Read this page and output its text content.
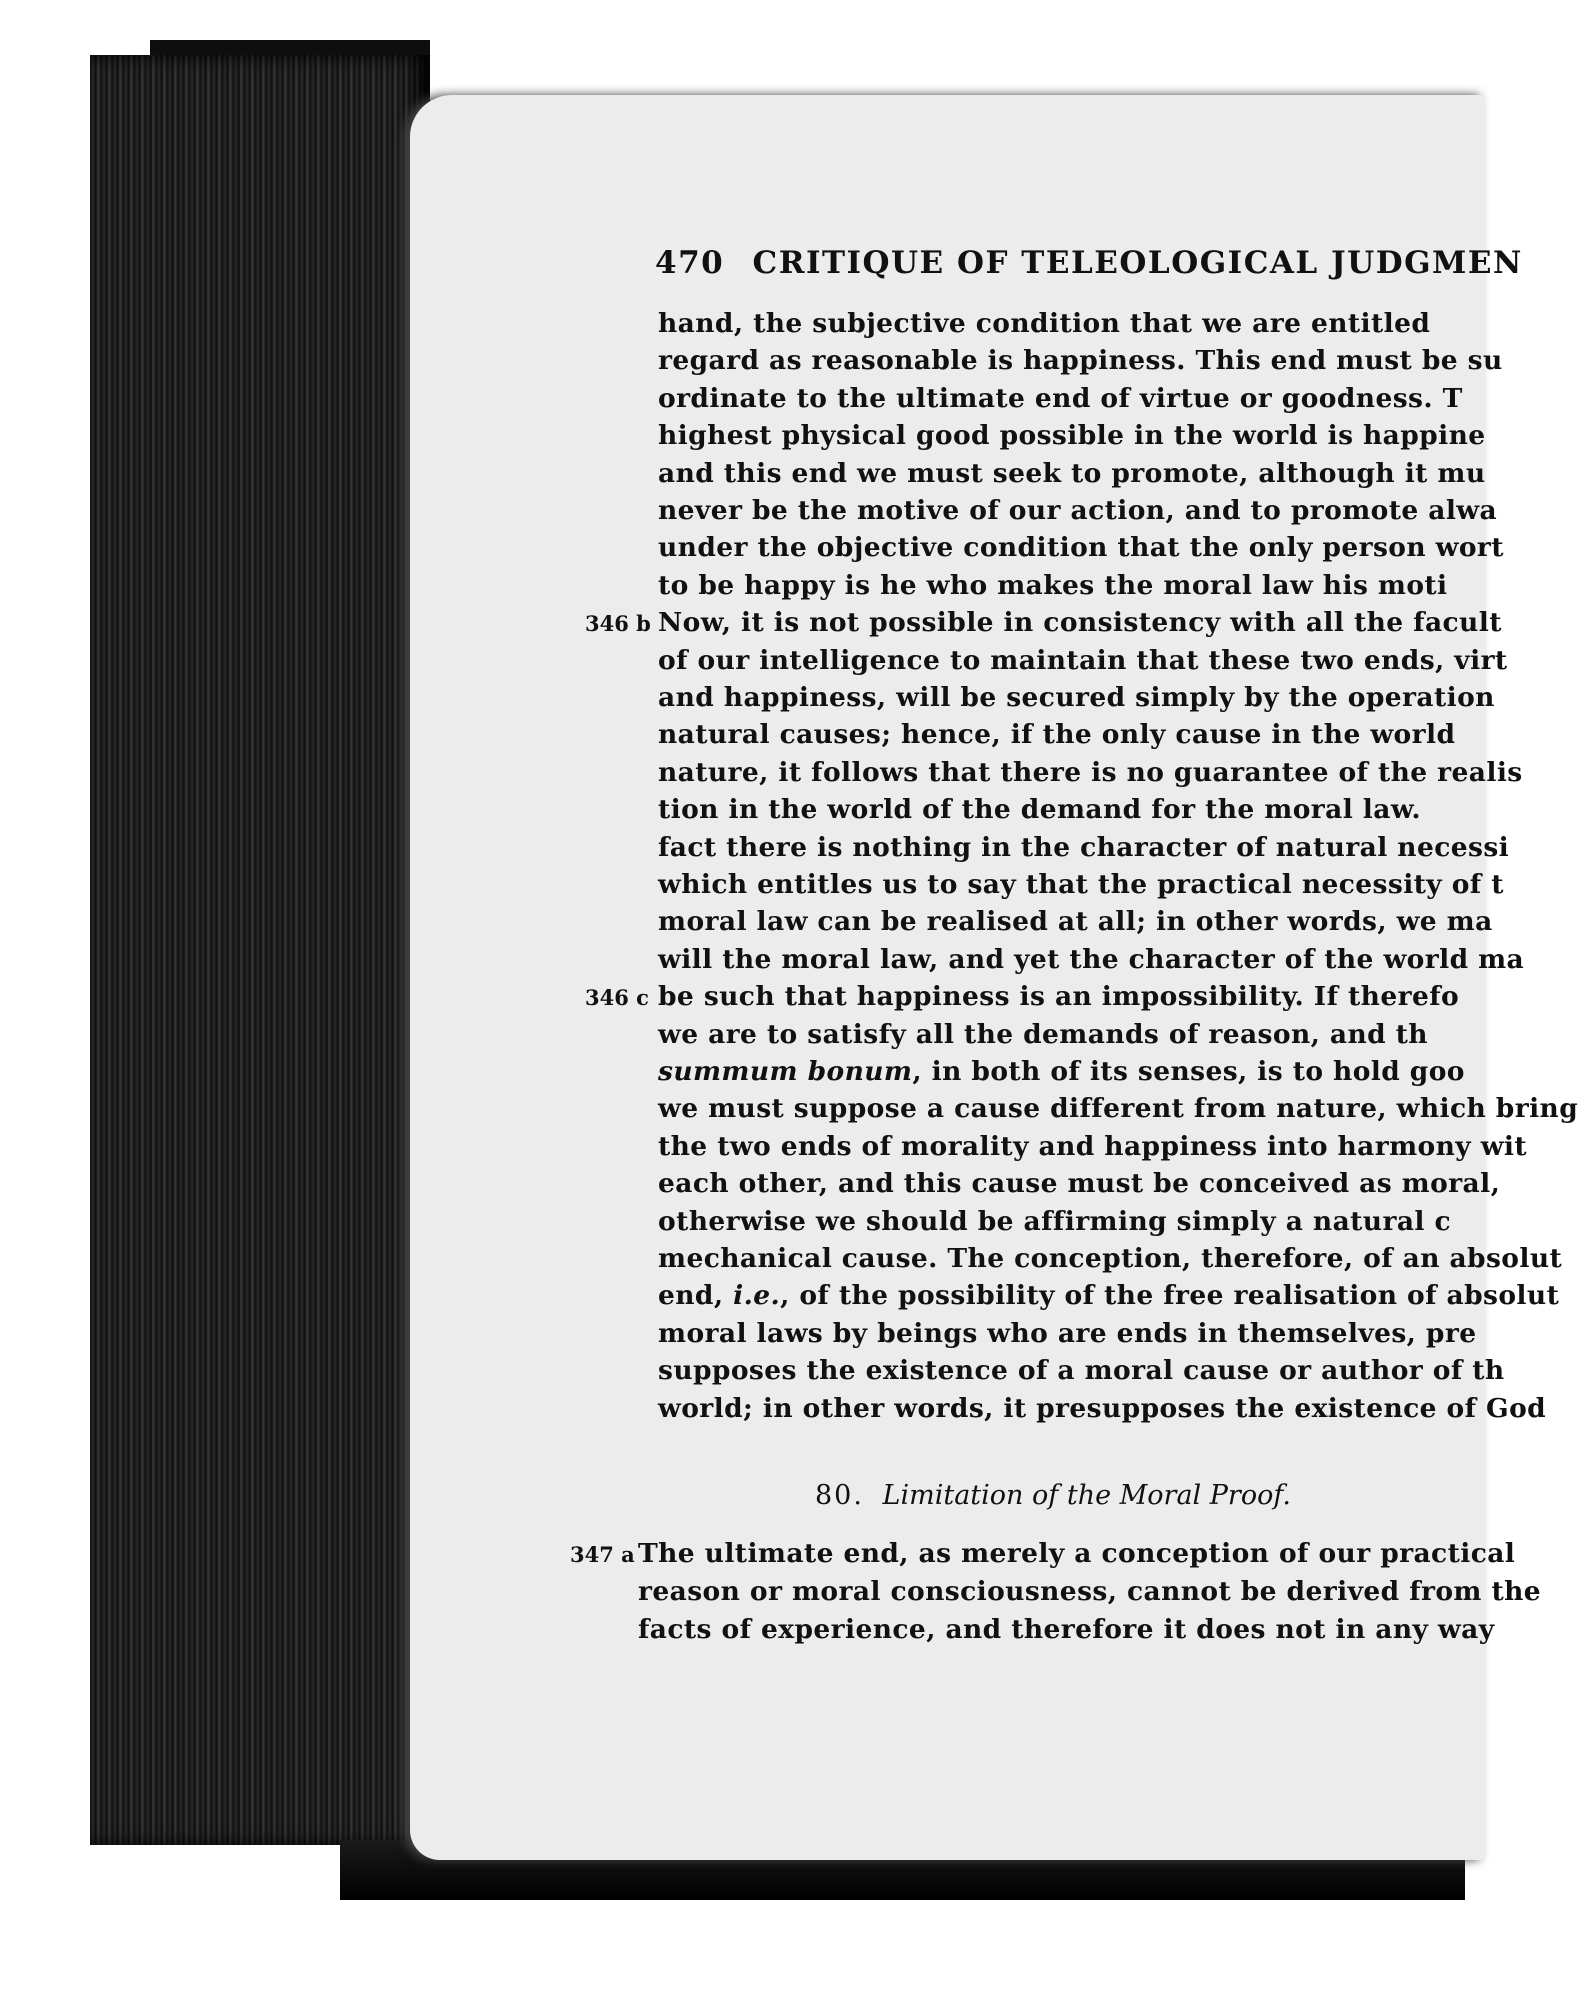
470 CRITIQUE OF TELEOLOGICAL JUDGMEN
hand, the subjective condition that we are entitled
regard as reasonable is happiness. This end must be su
ordinate to the ultimate end of virtue or goodness. T
highest physical good possible in the world is happine
and this end we must seek to promote, although it mu
never be the motive of our action, and to promote alwa
under the objective condition that the only person wort
to be happy is he who makes the moral law his moti
Now, it is not possible in consistency with all the facult
346 b
of our intelligence to maintain that these two ends, virt
and happiness, will be secured simply by the operation
natural causes; hence, if the only cause in the world
nature, it follows that there is no guarantee of the realis
tion in the world of the demand for the moral law.
fact there is nothing in the character of natural necessi
which entitles us to say that the practical necessity of t
moral law can be realised at all; in other words, we ma
will the moral law, and yet the character of the world ma
be such that happiness is an impossibility. If therefo
346 c
we are to satisfy all the demands of reason, and th
summum bonum, in both of its senses, is to hold goo
we must suppose a cause different from nature, which bring
the two ends of morality and happiness into harmony wit
each other, and this cause must be conceived as moral,
otherwise we should be affirming simply a natural c
mechanical cause. The conception, therefore, of an absolut
end, i.e., of the possibility of the free realisation of absolut
moral laws by beings who are ends in themselves, pre
supposes the existence of a moral cause or author of th
world; in other words, it presupposes the existence of God
80. Limitation of the Moral Proof.
The ultimate end, as merely a conception of our practical
347 a
reason or moral consciousness, cannot be derived from the
facts of experience, and therefore it does not in any way
